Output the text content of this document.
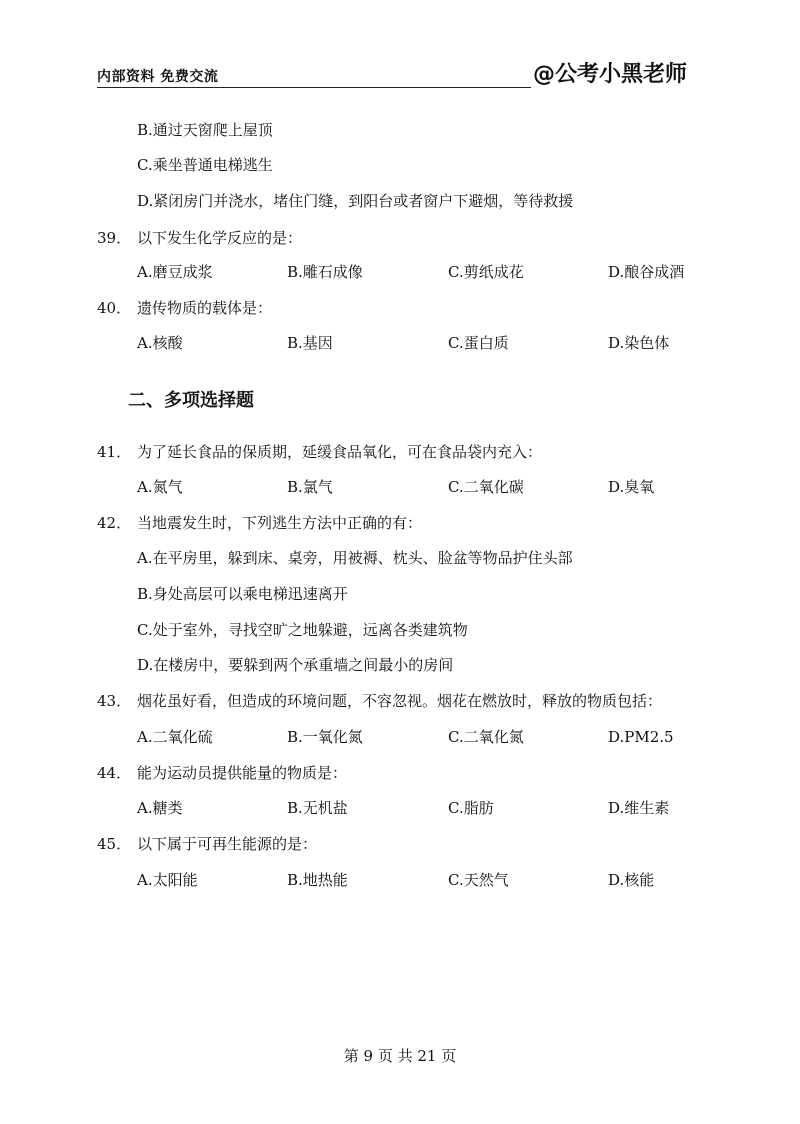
内部资料 免费交流	@公考小黑老师
B.通过天窗爬上屋顶
C.乘坐普通电梯逃生
D.紧闭房门并浇水，堵住门缝，到阳台或者窗户下避烟，等待救援
39． 以下发生化学反应的是：
A.磨豆成浆	B.雕石成像	C.剪纸成花	D.酿谷成酒
40． 遗传物质的载体是：
A.核酸	B.基因	C.蛋白质	D.染色体
二、多项选择题
41． 为了延长食品的保质期，延缓食品氧化，可在食品袋内充入：
A.氮气	B.氯气	C.二氧化碳	D.臭氧
42． 当地震发生时，下列逃生方法中正确的有：
A.在平房里，躲到床、桌旁，用被褥、枕头、脸盆等物品护住头部
B.身处高层可以乘电梯迅速离开
C.处于室外，寻找空旷之地躲避，远离各类建筑物
D.在楼房中，要躲到两个承重墙之间最小的房间
43． 烟花虽好看，但造成的环境问题，不容忽视。烟花在燃放时，释放的物质包括：
A.二氧化硫	B.一氧化氮	C.二氧化氮	D.PM2.5
44． 能为运动员提供能量的物质是：
A.糖类	B.无机盐	C.脂肪	D.维生素
45． 以下属于可再生能源的是：
A.太阳能	B.地热能	C.天然气	D.核能
第 9 页 共 21 页
